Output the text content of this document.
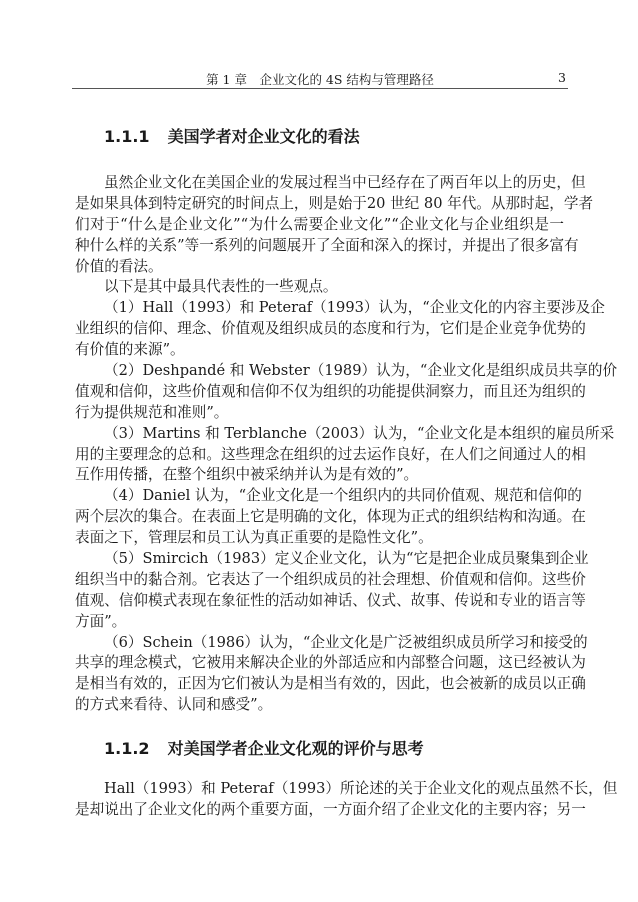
第 1 章　企业文化的 4S 结构与管理路径	3
1.1.1 美国学者对企业文化的看法
虽然企业文化在美国企业的发展过程当中已经存在了两百年以上的历史，但
是如果具体到特定研究的时间点上，则是始于20 世纪 80 年代。从那时起，学者
们对于“什么是企业文化”“为什么需要企业文化”“企业文化与企业组织是一
种什么样的关系”等一系列的问题展开了全面和深入的探讨，并提出了很多富有
价值的看法。
以下是其中最具代表性的一些观点。
（1）Hall（1993）和 Peteraf（1993）认为，“企业文化的内容主要涉及企
业组织的信仰、理念、价值观及组织成员的态度和行为，它们是企业竞争优势的
有价值的来源”。
（2）Deshpandé 和 Webster（1989）认为，“企业文化是组织成员共享的价
值观和信仰，这些价值观和信仰不仅为组织的功能提供洞察力，而且还为组织的
行为提供规范和准则”。
（3）Martins 和 Terblanche（2003）认为，“企业文化是本组织的雇员所采
用的主要理念的总和。这些理念在组织的过去运作良好，在人们之间通过人的相
互作用传播，在整个组织中被采纳并认为是有效的”。
（4）Daniel 认为，“企业文化是一个组织内的共同价值观、规范和信仰的
两个层次的集合。在表面上它是明确的文化，体现为正式的组织结构和沟通。在
表面之下，管理层和员工认为真正重要的是隐性文化”。
（5）Smircich（1983）定义企业文化，认为“它是把企业成员聚集到企业
组织当中的黏合剂。它表达了一个组织成员的社会理想、价值观和信仰。这些价
值观、信仰模式表现在象征性的活动如神话、仪式、故事、传说和专业的语言等
方面”。
（6）Schein（1986）认为，“企业文化是广泛被组织成员所学习和接受的
共享的理念模式，它被用来解决企业的外部适应和内部整合问题，这已经被认为
是相当有效的，正因为它们被认为是相当有效的，因此，也会被新的成员以正确
的方式来看待、认同和感受”。
1.1.2 对美国学者企业文化观的评价与思考
Hall（1993）和 Peteraf（1993）所论述的关于企业文化的观点虽然不长，但
是却说出了企业文化的两个重要方面，一方面介绍了企业文化的主要内容；另一
